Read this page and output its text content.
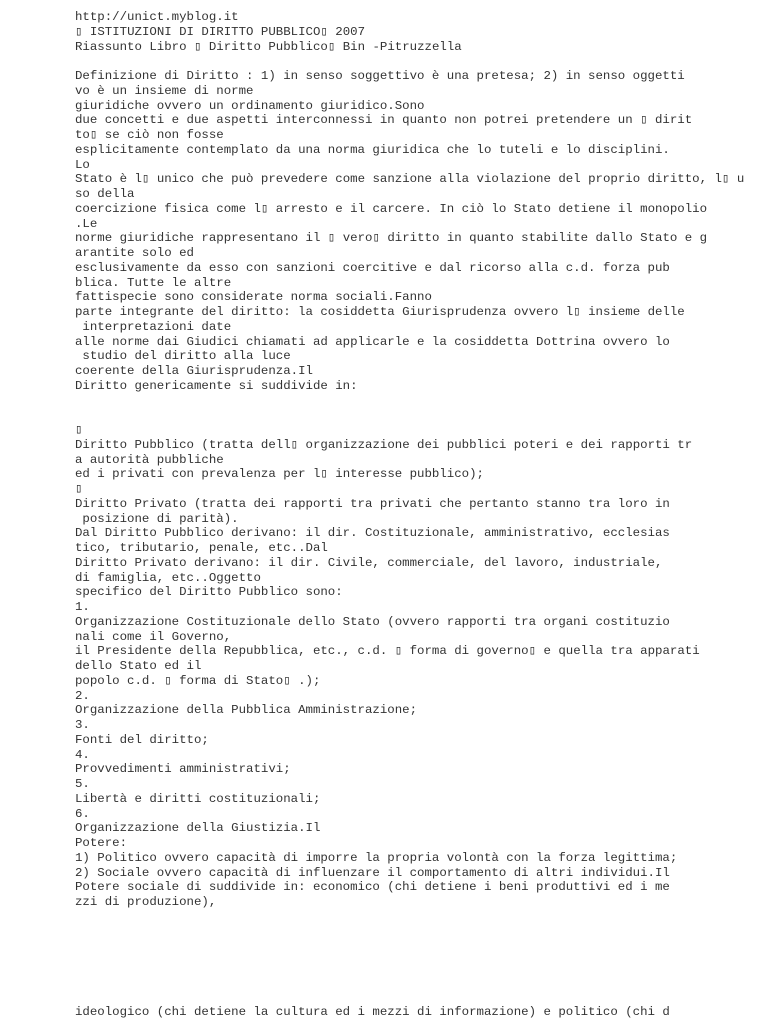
http://unict.myblog.it
▯ ISTITUZIONI DI DIRITTO PUBBLICO▯ 2007
Riassunto Libro ▯ Diritto Pubblico▯ Bin -Pitruzzella
Definizione di Diritto : 1) in senso soggettivo è una pretesa; 2) in senso oggetti
vo è un insieme di norme
giuridiche ovvero un ordinamento giuridico.Sono
due concetti e due aspetti interconnessi in quanto non potrei pretendere un ▯ dirit
to▯ se ciò non fosse
esplicitamente contemplato da una norma giuridica che lo tuteli e lo disciplini.
Lo
Stato è l▯ unico che può prevedere come sanzione alla violazione del proprio diritto, l▯ u
so della
coercizione fisica come l▯ arresto e il carcere. In ciò lo Stato detiene il monopolio
.Le
norme giuridiche rappresentano il ▯ vero▯ diritto in quanto stabilite dallo Stato e g
arantite solo ed
esclusivamente da esso con sanzioni coercitive e dal ricorso alla c.d. forza pub
blica. Tutte le altre
fattispecie sono considerate norma sociali.Fanno
parte integrante del diritto: la cosiddetta Giurisprudenza ovvero l▯ insieme delle
interpretazioni date
alle norme dai Giudici chiamati ad applicarle e la cosiddetta Dottrina ovvero lo
studio del diritto alla luce
coerente della Giurisprudenza.Il
Diritto genericamente si suddivide in:
▯
Diritto Pubblico (tratta dell▯ organizzazione dei pubblici poteri e dei rapporti tr
a autorità pubbliche
ed i privati con prevalenza per l▯ interesse pubblico);
▯
Diritto Privato (tratta dei rapporti tra privati che pertanto stanno tra loro in
posizione di parità).
Dal Diritto Pubblico derivano: il dir. Costituzionale, amministrativo, ecclesias
tico, tributario, penale, etc..Dal
Diritto Privato derivano: il dir. Civile, commerciale, del lavoro, industriale,
di famiglia, etc..Oggetto
specifico del Diritto Pubblico sono:
1.
Organizzazione Costituzionale dello Stato (ovvero rapporti tra organi costituzio
nali come il Governo,
il Presidente della Repubblica, etc., c.d. ▯ forma di governo▯ e quella tra apparati
dello Stato ed il
popolo c.d. ▯ forma di Stato▯ .);
2.
Organizzazione della Pubblica Amministrazione;
3.
Fonti del diritto;
4.
Provvedimenti amministrativi;
5.
Libertà e diritti costituzionali;
6.
Organizzazione della Giustizia.Il
Potere:
1) Politico ovvero capacità di imporre la propria volontà con la forza legittima;
2) Sociale ovvero capacità di influenzare il comportamento di altri individui.Il
Potere sociale di suddivide in: economico (chi detiene i beni produttivi ed i me
zzi di produzione),
ideologico (chi detiene la cultura ed i mezzi di informazione) e politico (chi d
